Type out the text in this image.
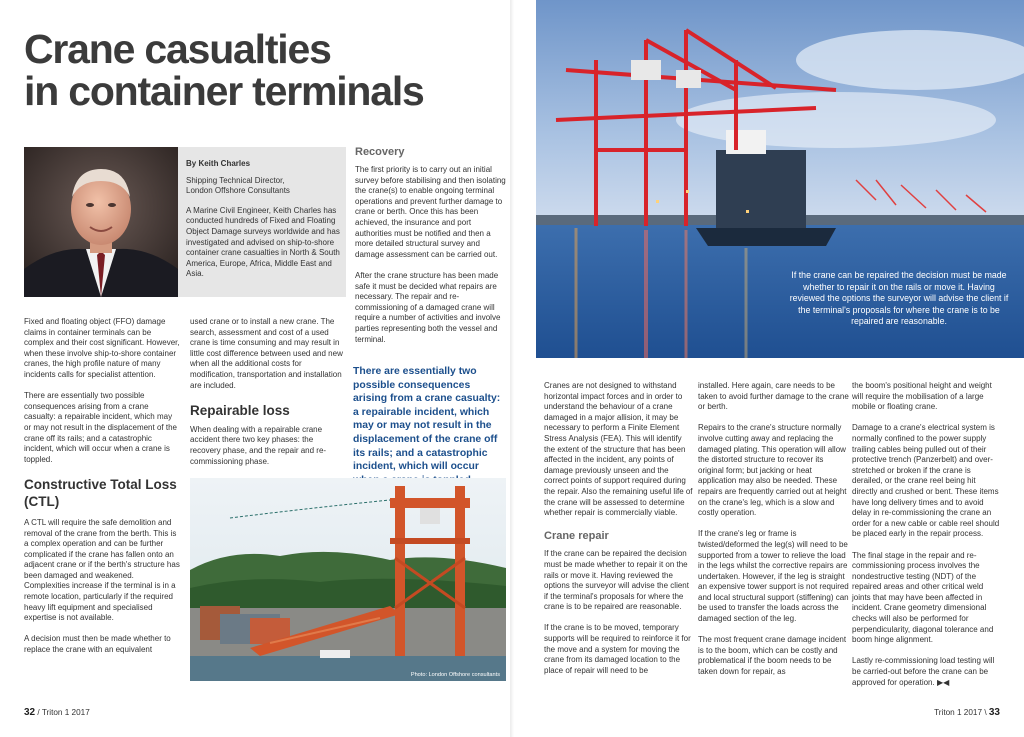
Crane casualties
in container terminals
By Keith Charles
Shipping Technical Director,
London Offshore Consultants
A Marine Civil Engineer, Keith Charles has conducted hundreds of Fixed and Floating Object Damage surveys worldwide and has investigated and advised on ship-to-shore container crane casualties in North & South America, Europe, Africa, Middle East and Asia.

Fixed and floating object (FFO) damage claims in container terminals can be complex and their cost significant. However, when these involve ship-to-shore container cranes, the high profile nature of many incidents calls for specialist attention.

There are essentially two possible consequences arising from a crane casualty: a repairable incident, which may or may not result in the displacement of the crane off its rails; and a catastrophic incident, which will occur when a crane is toppled.

Constructive Total Loss (CTL)

A CTL will require the safe demolition and removal of the crane from the berth. This is a complex operation and can be further complicated if the crane has fallen onto an adjacent crane or if the berth's structure has been damaged and weakened. Complexities increase if the terminal is in a remote location, particularly if the required heavy lift equipment and specialised expertise is not available.

A decision must then be made whether to replace the crane with an equivalent

used crane or to install a new crane. The search, assessment and cost of a used crane is time consuming and may result in little cost difference between used and new when all the additional costs for modification, transportation and installation are included.

Repairable loss

When dealing with a repairable crane accident there two key phases: the recovery phase, and the repair and re-commissioning phase.

Recovery

The first priority is to carry out an initial survey before stabilising and then isolating the crane(s) to enable ongoing terminal operations and prevent further damage to crane or berth. Once this has been achieved, the insurance and port authorities must be notified and then a more detailed structural survey and damage assessment can be carried out.

After the crane structure has been made safe it must be decided what repairs are necessary. The repair and re-commissioning of a damaged crane will require a number of activities and involve parties representing both the vessel and terminal.

There are essentially two possible consequences arising from a crane casualty: a repairable incident, which may or may not result in the displacement of the crane off its rails; and a catastrophic incident, which will occur
Photo: London Offshore consultants
32 / Triton 1 2017
If the crane can be repaired the decision must be made whether to repair it on the rails or move it. Having reviewed the options the surveyor will advise the client if the terminal's proposals for where the crane is to be repaired are reasonable.

Cranes are not designed to withstand horizontal impact forces and in order to understand the behaviour of a crane damaged in a major allision, it may be necessary to perform a Finite Element Stress Analysis (FEA). This will identify the extent of the structure that has been affected in the incident, any points of damage previously unseen and the correct points of support required during the repair. Also the remaining useful life of the crane will be assessed to determine whether repair is commercially viable.

Crane repair

If the crane can be repaired the decision must be made whether to repair it on the rails or move it. Having reviewed the options the surveyor will advise the client if the terminal's proposals for where the crane is to be repaired are reasonable.

If the crane is to be moved, temporary supports will be required to reinforce it for the move and a system for moving the crane from its damaged location to the place of repair will need to be

installed. Here again, care needs to be taken to avoid further damage to the crane or berth.

Repairs to the crane's structure normally involve cutting away and replacing the damaged plating. This operation will allow the distorted structure to recover its original form; but jacking or heat application may also be needed. These repairs are frequently carried out at height on the crane's leg, which is a slow and costly operation.

If the crane's leg or frame is twisted/deformed the leg(s) will need to be supported from a tower to relieve the load in the legs whilst the corrective repairs are undertaken. However, if the leg is straight an expensive tower support is not required and local structural support (stiffening) can be used to transfer the loads across the damaged section of the leg.

The most frequent crane damage incident is to the boom, which can be costly and problematical if the boom needs to be taken down for repair, as

the boom's positional height and weight will require the mobilisation of a large mobile or floating crane.

Damage to a crane's electrical system is normally confined to the power supply trailing cables being pulled out of their protective trench (Panzerbelt) and over-stretched or broken if the crane is derailed, or the crane reel being hit directly and crushed or bent. These items have long delivery times and to avoid delay in re-commissioning the crane an order for a new cable or cable reel should be placed early in the repair process.

The final stage in the repair and re-commissioning process involves the nondestructive testing (NDT) of the repaired areas and other critical weld joints that may have been affected in incident. Crane geometry dimensional checks will also be performed for perpendicularity, diagonal tolerance and boom hinge alignment.

Lastly re-commissioning load testing will be carried-out before the crane can be approved for operation. ▶◀

Triton 1 2017 \ 33
